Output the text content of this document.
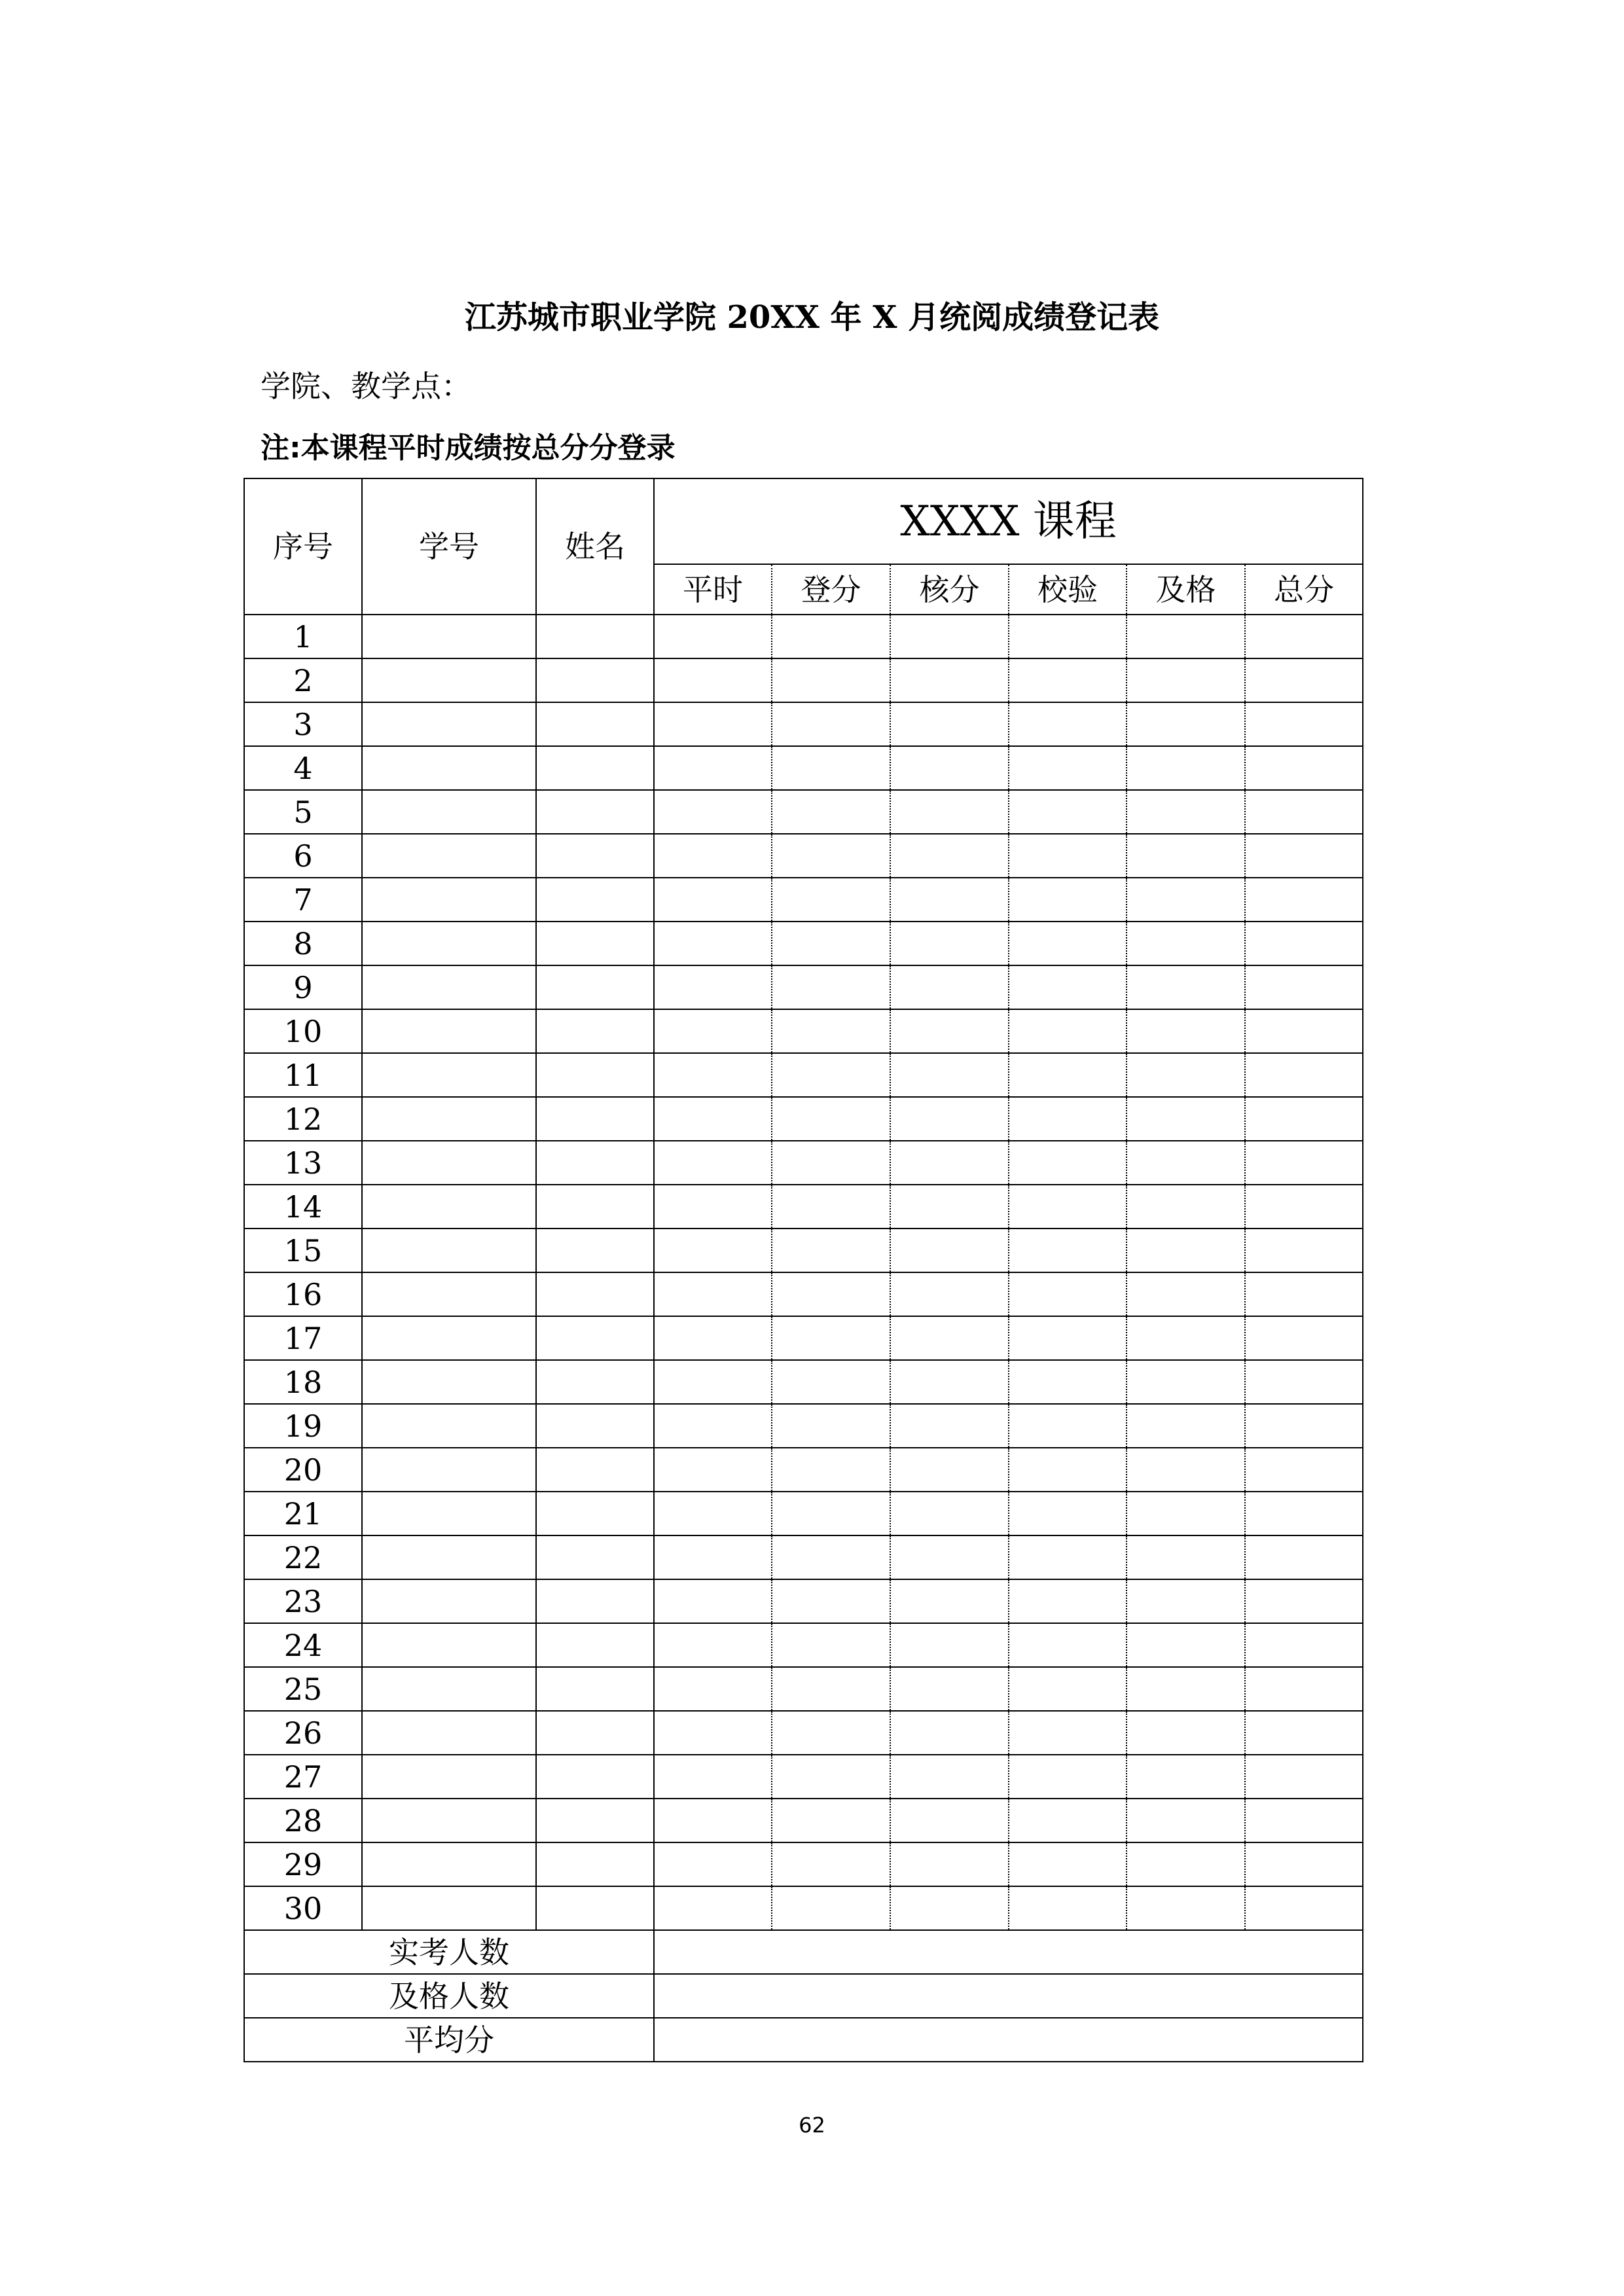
江苏城市职业学院 20XX 年 X 月统阅成绩登记表
学院、教学点：
注:本课程平时成绩按总分分登录
序号	学号	姓名	XXXX 课程					
			平时	登分	核分	校验	及格	总分
1								
2								
3								
4								
5								
6								
7								
8								
9								
10								
11								
12								
13								
14								
15								
16								
17								
18								
19								
20								
21								
22								
23								
24								
25								
26								
27								
28								
29								
30								
实考人数								
及格人数								
平均分								
62
